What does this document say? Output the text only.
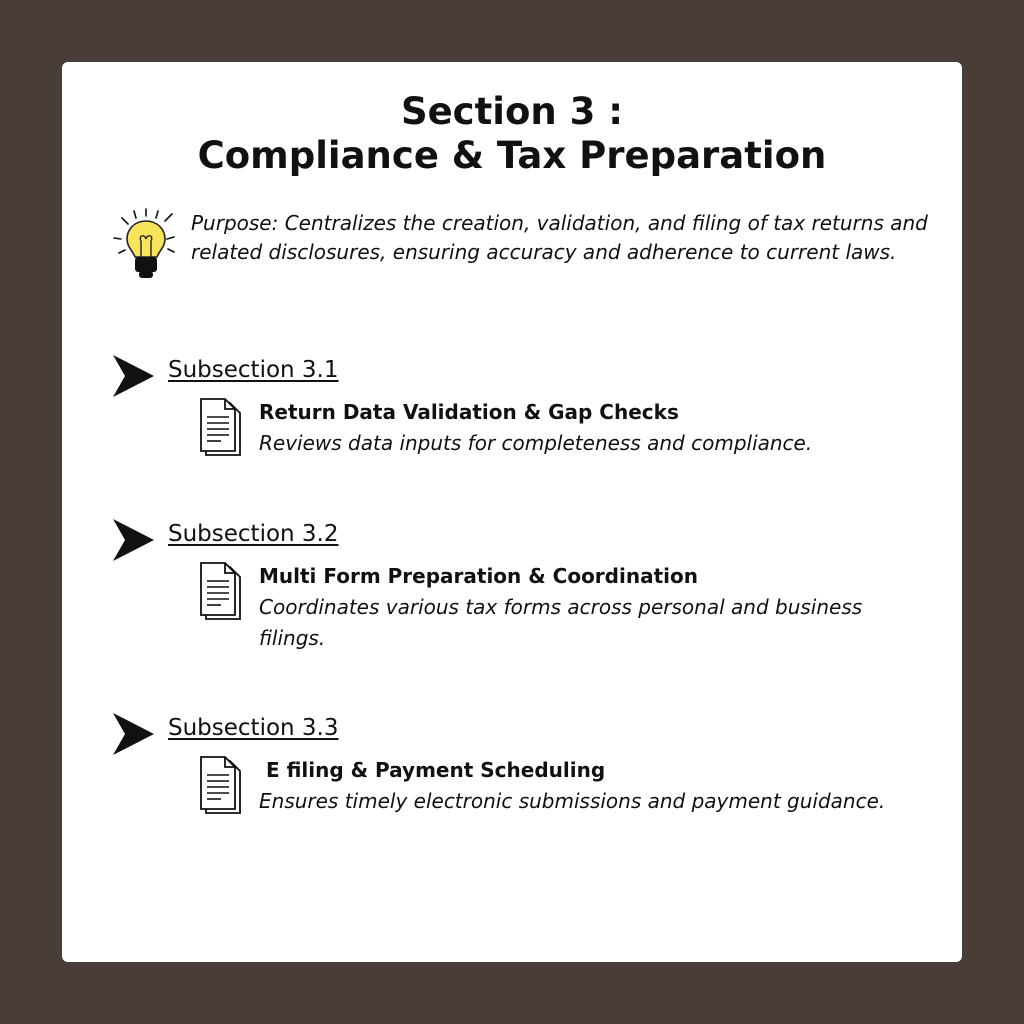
Section 3 :
Compliance & Tax Preparation

Purpose: Centralizes the creation, validation, and filing of tax returns and related disclosures, ensuring accuracy and adherence to current laws.

Subsection 3.1

Return Data Validation & Gap Checks

Reviews data inputs for completeness and compliance.

Subsection 3.2

Multi Form Preparation & Coordination

Coordinates various tax forms across personal and business filings.

Subsection 3.3

E filing & Payment Scheduling

Ensures timely electronic submissions and payment guidance.
